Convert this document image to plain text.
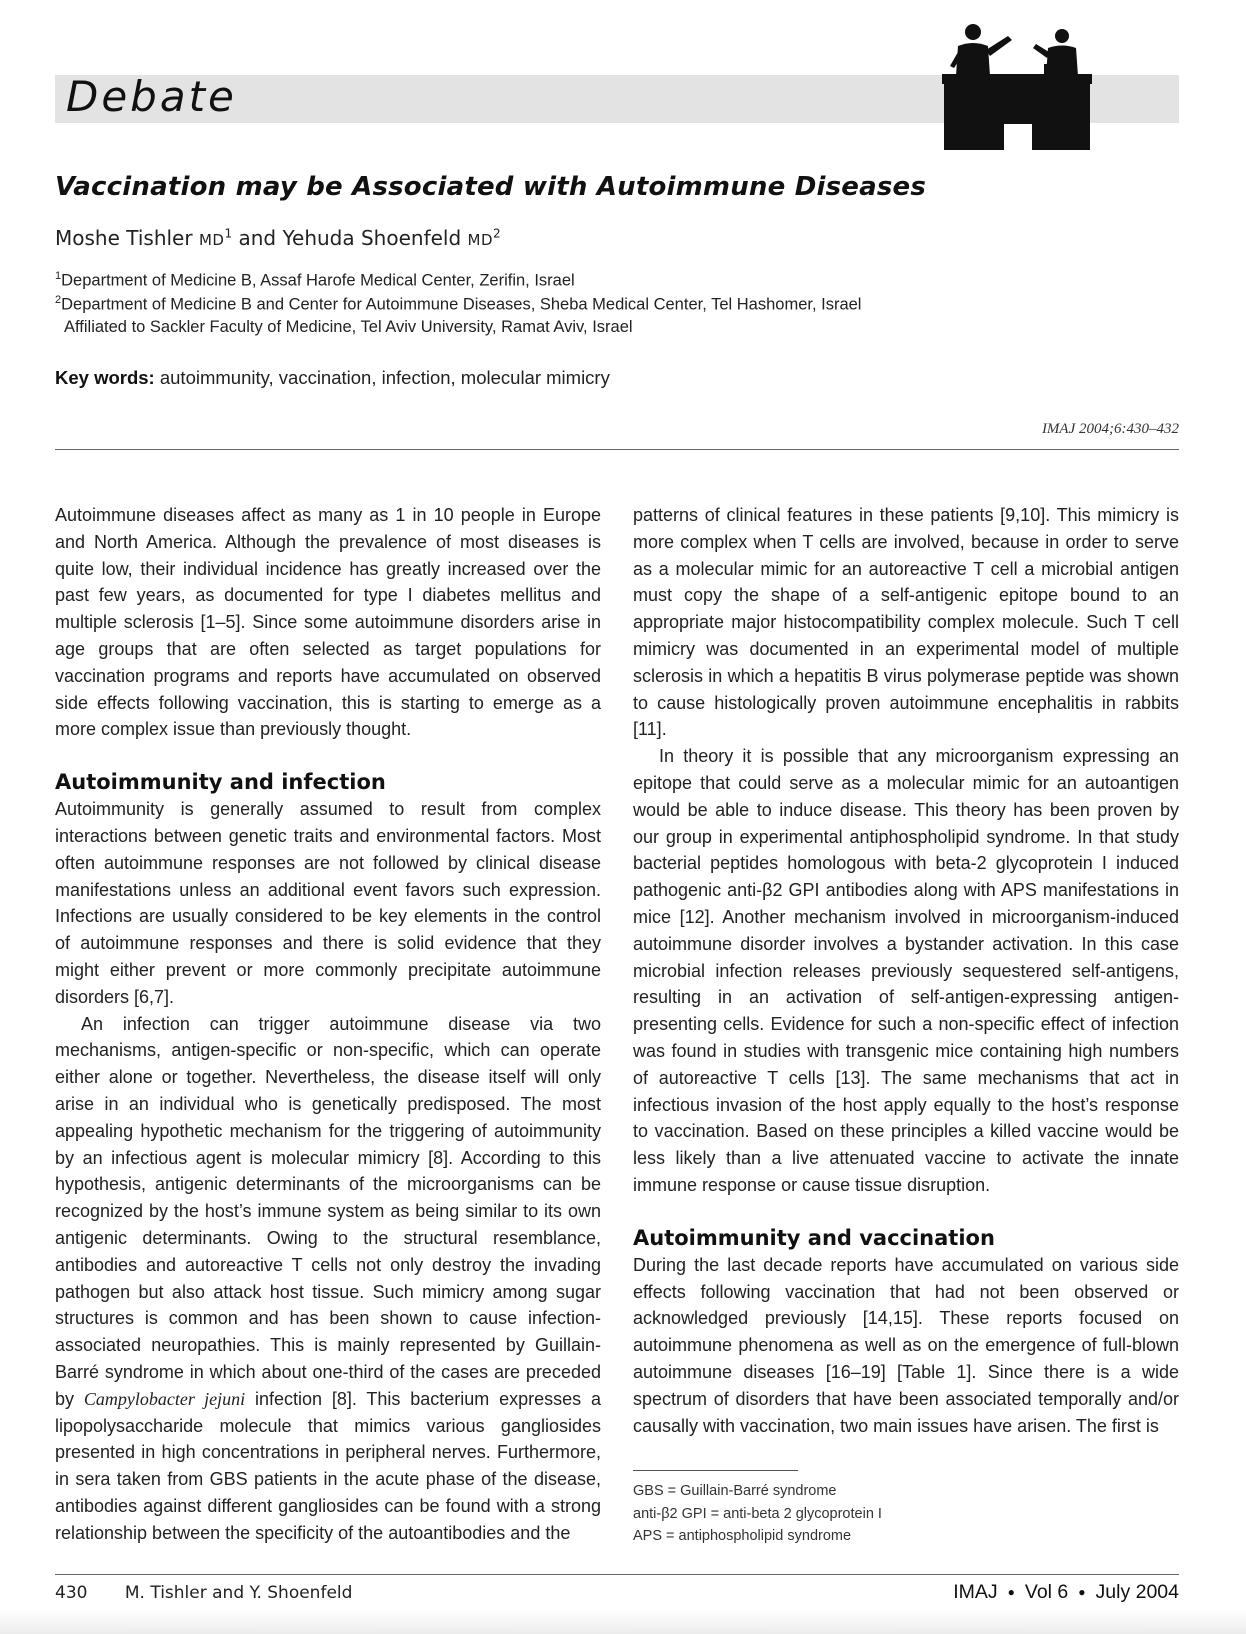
Debate
Vaccination may be Associated with Autoimmune Diseases
Moshe Tishler $MD^1$ and Yehuda Shoenfeld $MD^2$
$^1$Department of Medicine B, Assaf Harofe Medical Center, Zerifin, Israel
$^2$Department of Medicine B and Center for Autoimmune Diseases, Sheba Medical Center, Tel Hashomer, Israel
Affiliated to Sackler Faculty of Medicine, Tel Aviv University, Ramat Aviv, Israel
Key words: autoimmunity, vaccination, infection, molecular mimicry
IMAJ 2004;6:430–432

Autoimmune diseases affect as many as 1 in 10 people in Europe and North America. Although the prevalence of most diseases is quite low, their individual incidence has greatly increased over the past few years, as documented for type I diabetes mellitus and multiple sclerosis [1–5]. Since some autoimmune disorders arise in age groups that are often selected as target populations for vaccination programs and reports have accumulated on observed side effects following vaccination, this is starting to emerge as a more complex issue than previously thought.

Autoimmunity and infection

Autoimmunity is generally assumed to result from complex interactions between genetic traits and environmental factors. Most often autoimmune responses are not followed by clinical disease manifestations unless an additional event favors such expression. Infections are usually considered to be key elements in the control of autoimmune responses and there is solid evidence that they might either prevent or more commonly precipitate autoimmune disorders [6,7].

An infection can trigger autoimmune disease via two mechanisms, antigen-specific or non-specific, which can operate either alone or together. Nevertheless, the disease itself will only arise in an individual who is genetically predisposed. The most appealing hypothetic mechanism for the triggering of autoimmunity by an infectious agent is molecular mimicry [8]. According to this hypothesis, antigenic determinants of the microorganisms can be recognized by the host’s immune system as being similar to its own antigenic determinants. Owing to the structural resemblance, antibodies and autoreactive T cells not only destroy the invading pathogen but also attack host tissue. Such mimicry among sugar structures is common and has been shown to cause infection-associated neuropathies. This is mainly represented by Guillain-Barré syndrome in which about one-third of the cases are preceded by Campylobacter jejuni infection [8]. This bacterium expresses a lipopolysaccharide molecule that mimics various gangliosides presented in high concentrations in peripheral nerves. Furthermore, in sera taken from GBS patients in the acute phase of the disease, antibodies against different gangliosides can be found with a strong relationship between the specificity of the autoantibodies and the

patterns of clinical features in these patients [9,10]. This mimicry is more complex when T cells are involved, because in order to serve as a molecular mimic for an autoreactive T cell a microbial antigen must copy the shape of a self-antigenic epitope bound to an appropriate major histocompatibility complex molecule. Such T cell mimicry was documented in an experimental model of multiple sclerosis in which a hepatitis B virus polymerase peptide was shown to cause histologically proven autoimmune encephalitis in rabbits [11].

In theory it is possible that any microorganism expressing an epitope that could serve as a molecular mimic for an autoantigen would be able to induce disease. This theory has been proven by our group in experimental antiphospholipid syndrome. In that study bacterial peptides homologous with beta-2 glycoprotein I induced pathogenic anti-β2 GPI antibodies along with APS manifestations in mice [12]. Another mechanism involved in microorganism-induced autoimmune disorder involves a bystander activation. In this case microbial infection releases previously sequestered self-antigens, resulting in an activation of self-antigen-expressing antigen-presenting cells. Evidence for such a non-specific effect of infection was found in studies with transgenic mice containing high numbers of autoreactive T cells [13]. The same mechanisms that act in infectious invasion of the host apply equally to the host’s response to vaccination. Based on these principles a killed vaccine would be less likely than a live attenuated vaccine to activate the innate immune response or cause tissue disruption.

Autoimmunity and vaccination

During the last decade reports have accumulated on various side effects following vaccination that had not been observed or acknowledged previously [14,15]. These reports focused on autoimmune phenomena as well as on the emergence of full-blown autoimmune diseases [16–19] [Table 1]. Since there is a wide spectrum of disorders that have been associated temporally and/or causally with vaccination, two main issues have arisen. The first is

GBS = Guillain-Barré syndrome
anti-β2 GPI = anti-beta 2 glycoprotein I
APS = antiphospholipid syndrome
430 M. Tishler and Y. Shoenfeld	IMAJ ● Vol 6 ● July 2004
